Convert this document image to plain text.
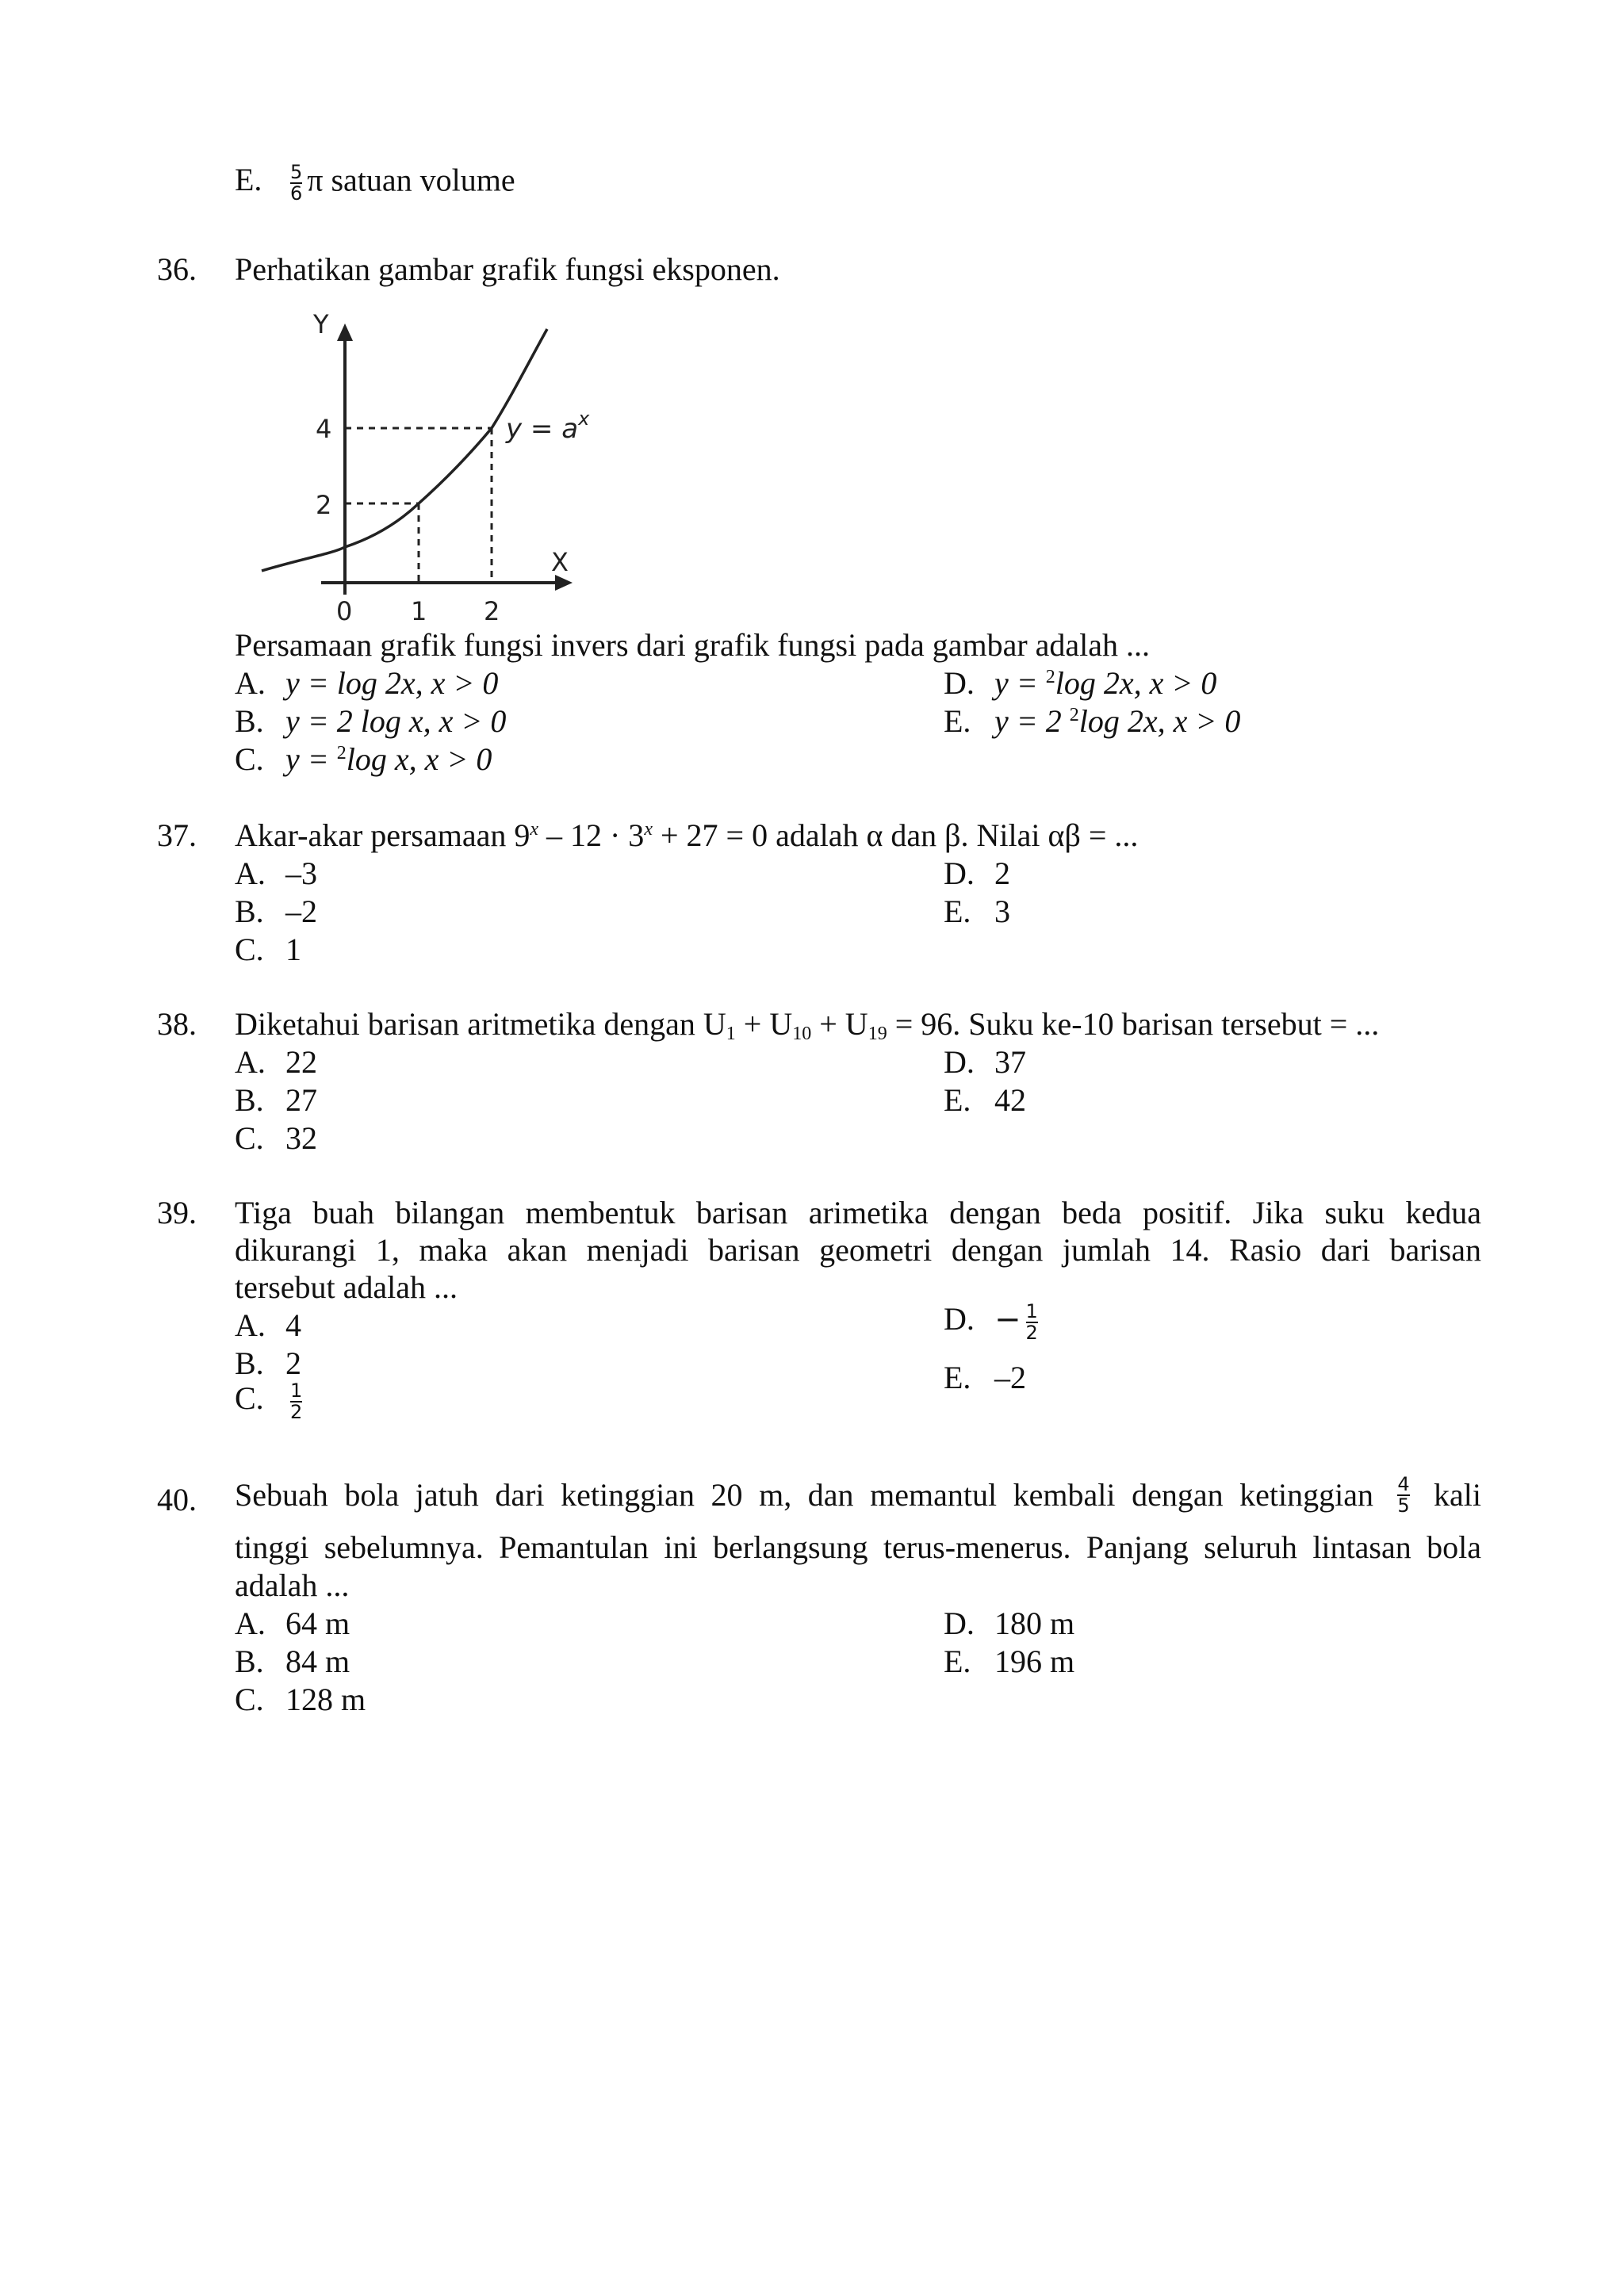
E. $\frac{5}{6}$ π satuan volume
36. Perhatikan gambar grafik fungsi eksponen.
Y
X
4
2
0 1 2
$y = a^x$
Persamaan grafik fungsi invers dari grafik fungsi pada gambar adalah ...
A. y = log 2x, x > 0
B. y = 2 log x, x > 0
C. y = $^2$log x, x > 0
D. y = $^2$log 2x, x > 0
E. y = 2 $^2$log 2x, x > 0
37. Akar-akar persamaan $9^x - 12 \cdot 3^x + 27 = 0$ adalah α dan β. Nilai αβ = ...
A. –3
B. –2
C. 1
D. 2
E. 3
38. Diketahui barisan aritmetika dengan $U_1 + U_{10} + U_{19} = 96$. Suku ke-10 barisan tersebut = ...
A. 22
B. 27
C. 32
D. 37
E. 42
39. Tiga buah bilangan membentuk barisan arimetika dengan beda positif. Jika suku kedua
dikurangi 1, maka akan menjadi barisan geometri dengan jumlah 14. Rasio dari barisan
tersebut adalah ...
A. 4
B. 2
C. $\frac{1}{2}$
D. − $\frac{1}{2}$
E. –2
40. Sebuah bola jatuh dari ketinggian 20 m, dan memantul kembali dengan ketinggian $\frac{4}{5}$ kali
tinggi sebelumnya. Pemantulan ini berlangsung terus-menerus. Panjang seluruh lintasan bola
adalah ...
A. 64 m
B. 84 m
C. 128 m
D. 180 m
E. 196 m
